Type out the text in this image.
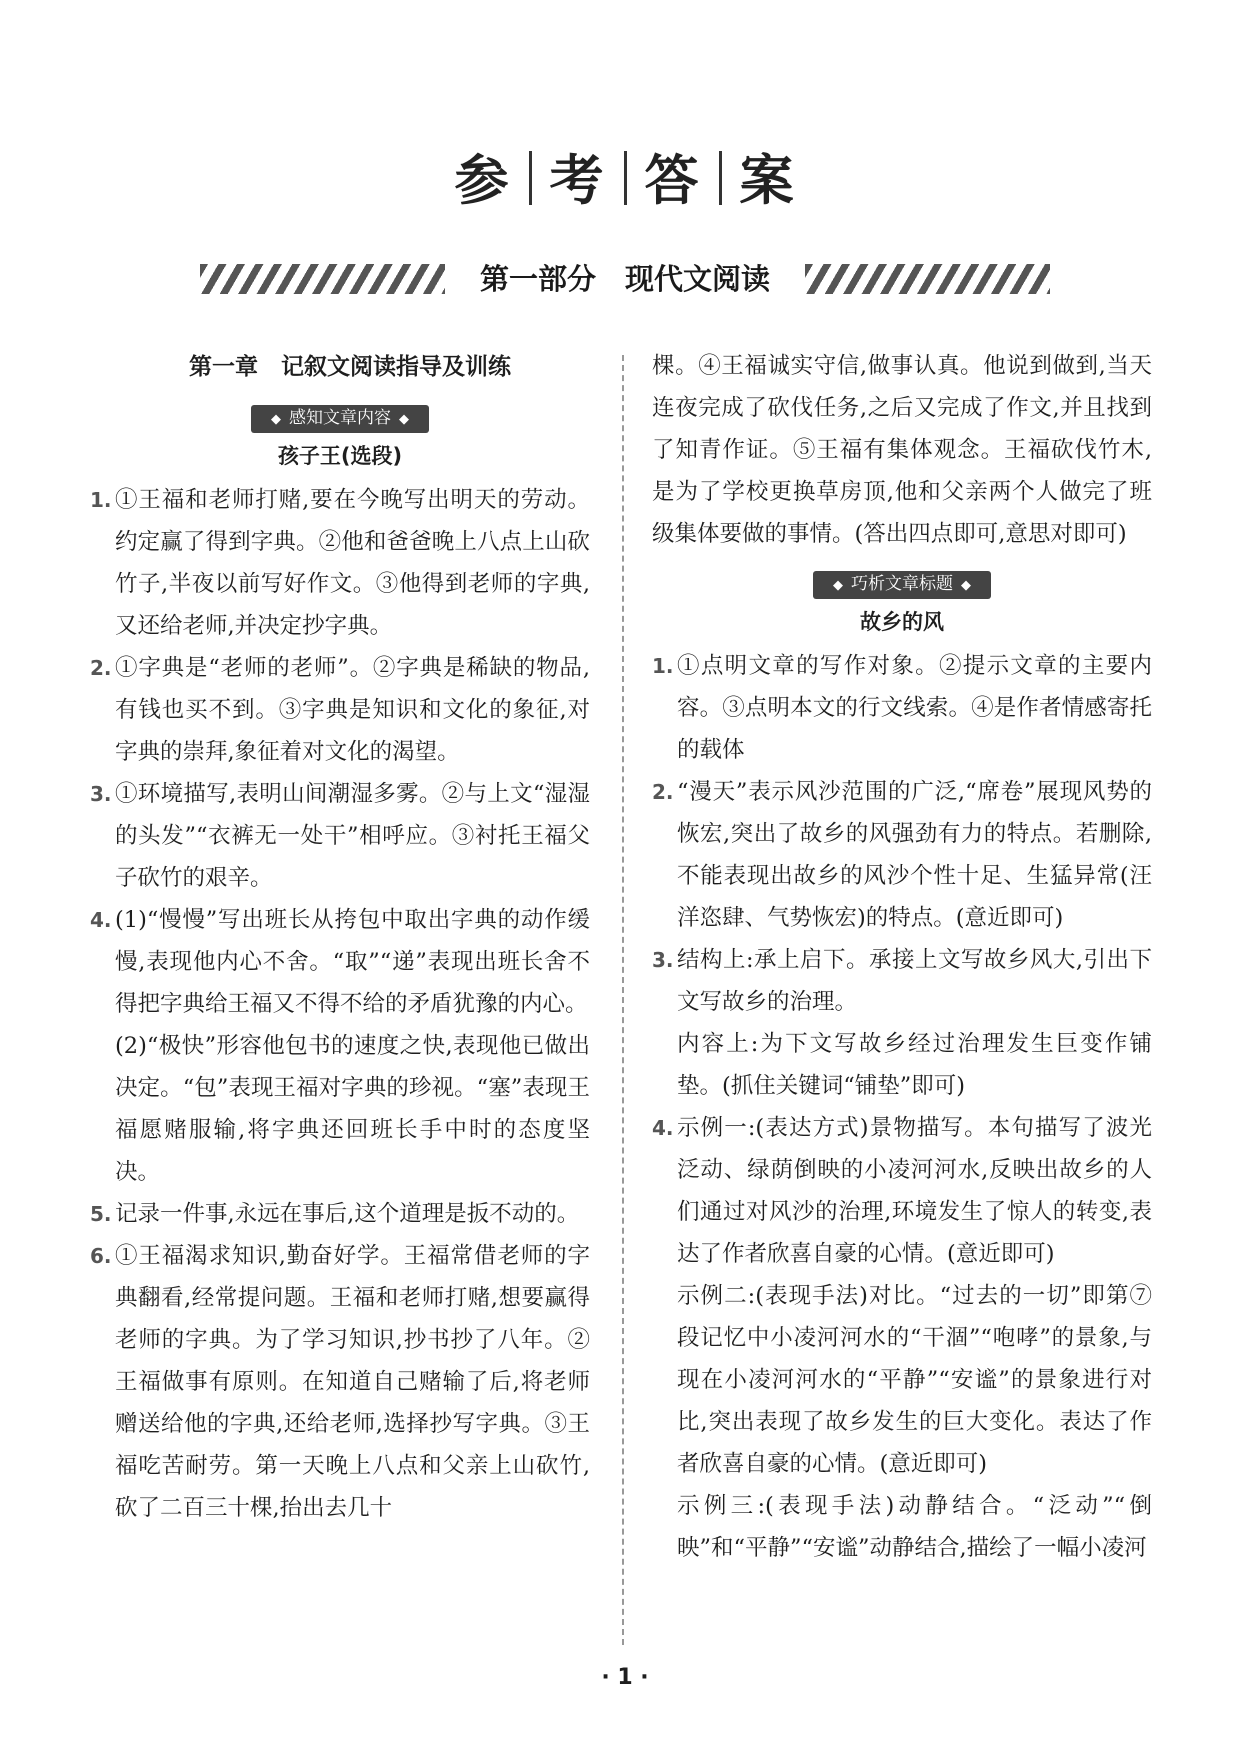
参 考 答 案
第一部分　现代文阅读
第一章　记叙文阅读指导及训练
◆ 感知文章内容 ◆
孩子王(选段)
1. ①王福和老师打赌,要在今晚写出明天的劳动。约定赢了得到字典。②他和爸爸晚上八点上山砍竹子,半夜以前写好作文。③他得到老师的字典,又还给老师,并决定抄字典。
2. ①字典是“老师的老师”。②字典是稀缺的物品,有钱也买不到。③字典是知识和文化的象征,对字典的崇拜,象征着对文化的渴望。
3. ①环境描写,表明山间潮湿多雾。②与上文“湿湿的头发”“衣裤无一处干”相呼应。③衬托王福父子砍竹的艰辛。
4. (1)“慢慢”写出班长从挎包中取出字典的动作缓慢,表现他内心不舍。“取”“递”表现出班长舍不得把字典给王福又不得不给的矛盾犹豫的内心。
(2)“极快”形容他包书的速度之快,表现他已做出决定。“包”表现王福对字典的珍视。“塞”表现王福愿赌服输,将字典还回班长手中时的态度坚决。
5. 记录一件事,永远在事后,这个道理是扳不动的。
6. ①王福渴求知识,勤奋好学。王福常借老师的字典翻看,经常提问题。王福和老师打赌,想要赢得老师的字典。为了学习知识,抄书抄了八年。②王福做事有原则。在知道自己赌输了后,将老师赠送给他的字典,还给老师,选择抄写字典。③王福吃苦耐劳。第一天晚上八点和父亲上山砍竹,砍了二百三十棵,抬出去几十
棵。④王福诚实守信,做事认真。他说到做到,当天连夜完成了砍伐任务,之后又完成了作文,并且找到了知青作证。⑤王福有集体观念。王福砍伐竹木,是为了学校更换草房顶,他和父亲两个人做完了班级集体要做的事情。(答出四点即可,意思对即可)
◆ 巧析文章标题 ◆
故乡的风
1. ①点明文章的写作对象。②提示文章的主要内容。③点明本文的行文线索。④是作者情感寄托的载体
2. “漫天”表示风沙范围的广泛,“席卷”展现风势的恢宏,突出了故乡的风强劲有力的特点。若删除,不能表现出故乡的风沙个性十足、生猛异常(汪洋恣肆、气势恢宏)的特点。(意近即可)
3. 结构上:承上启下。承接上文写故乡风大,引出下文写故乡的治理。
内容上:为下文写故乡经过治理发生巨变作铺垫。(抓住关键词“铺垫”即可)
4. 示例一:(表达方式)景物描写。本句描写了波光泛动、绿荫倒映的小凌河河水,反映出故乡的人们通过对风沙的治理,环境发生了惊人的转变,表达了作者欣喜自豪的心情。(意近即可)
示例二:(表现手法)对比。“过去的一切”即第⑦段记忆中小凌河河水的“干涸”“咆哮”的景象,与现在小凌河河水的“平静”“安谧”的景象进行对比,突出表现了故乡发生的巨大变化。表达了作者欣喜自豪的心情。(意近即可)
示例三:(表现手法)动静结合。“泛动”“倒映”和“平静”“安谧”动静结合,描绘了一幅小凌河
· 1 ·
